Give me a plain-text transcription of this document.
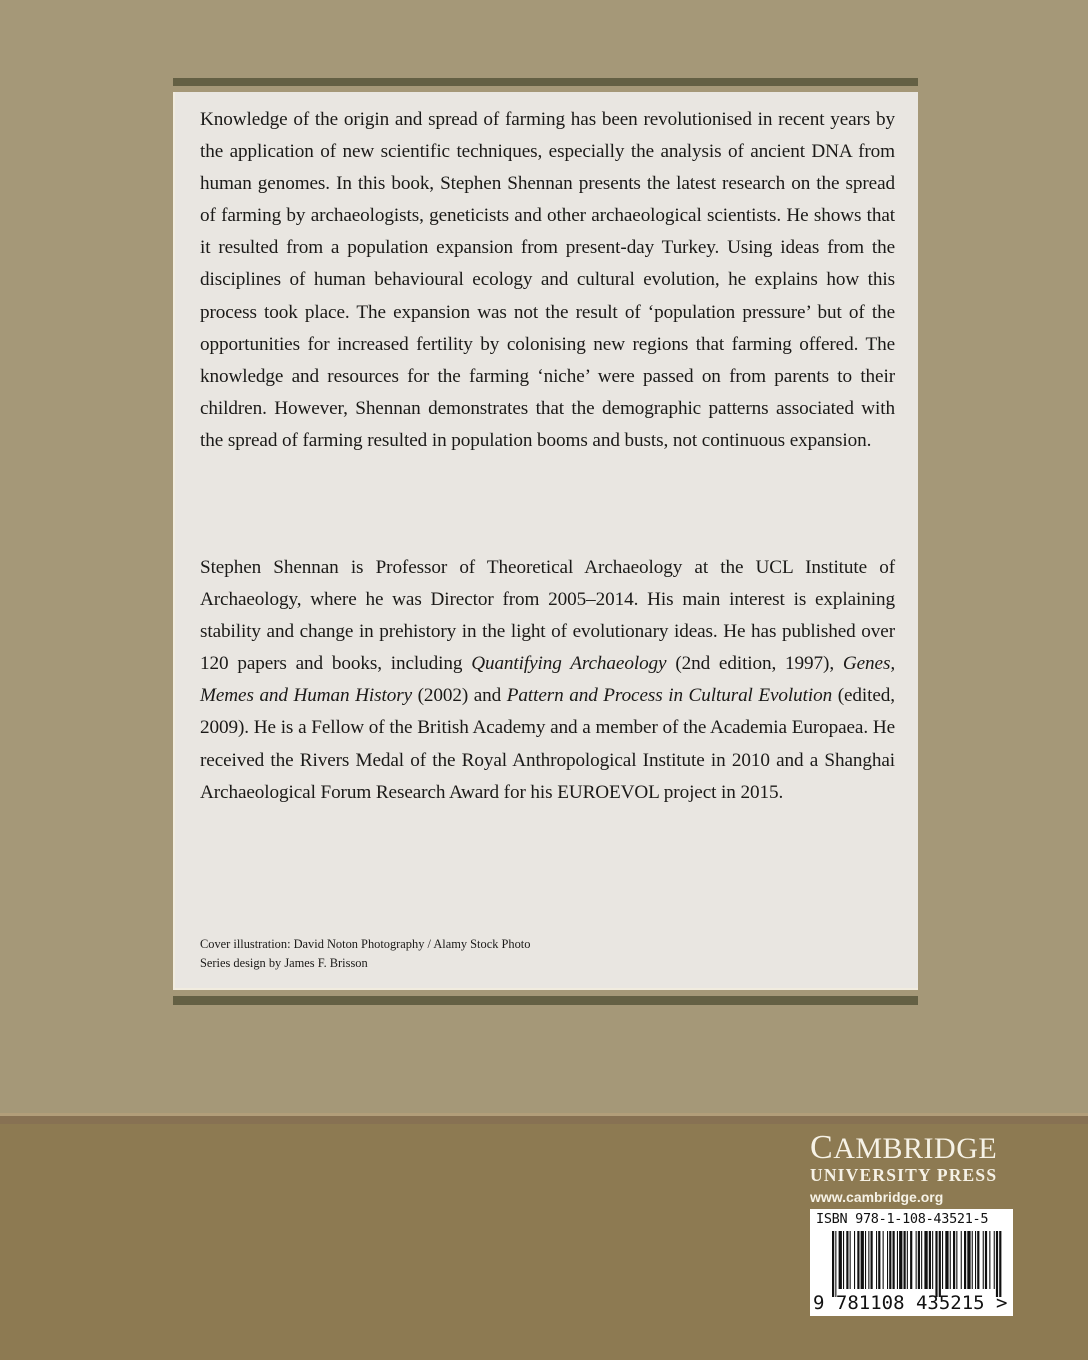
Knowledge of the origin and spread of farming has been revolutionised in recent years by the application of new scientific techniques, especially the analysis of ancient DNA from human genomes. In this book, Stephen Shennan presents the latest research on the spread of farming by archaeologists, geneticists and other archaeological scientists. He shows that it resulted from a population expansion from present-day Turkey. Using ideas from the disciplines of human behavioural ecology and cultural evolution, he explains how this process took place. The expansion was not the result of ‘population pressure’ but of the opportunities for increased fertility by colonising new regions that farming offered. The knowledge and resources for the farming ‘niche’ were passed on from parents to their children. However, Shennan demonstrates that the demographic patterns associated with the spread of farming resulted in population booms and busts, not continuous expansion.

Stephen Shennan is Professor of Theoretical Archaeology at the UCL Institute of Archaeology, where he was Director from 2005–2014. His main interest is explaining stability and change in prehistory in the light of evolutionary ideas. He has published over 120 papers and books, including Quantifying Archaeology (2nd edition, 1997), Genes, Memes and Human History (2002) and Pattern and Process in Cultural Evolution (edited, 2009). He is a Fellow of the British Academy and a member of the Academia Europaea. He received the Rivers Medal of the Royal Anthropological Institute in 2010 and a Shanghai Archaeological Forum Research Award for his EUROEVOL project in 2015.

Cover illustration: David Noton Photography / Alamy Stock Photo
Series design by James F. Brisson
CAMBRIDGE
UNIVERSITY PRESS
www.cambridge.org
ISBN 978-1-108-43521-5
9 781108 435215 >
